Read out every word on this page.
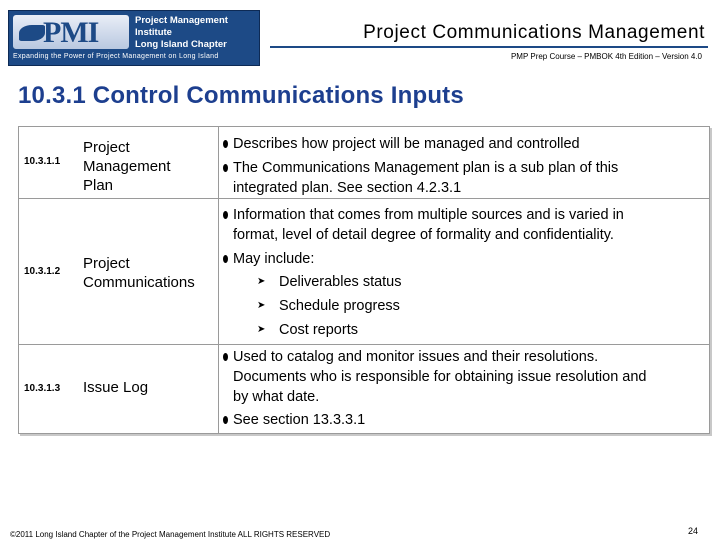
PMI	Project Management Institute
Long Island Chapter
Expanding the Power of Project Management on Long Island
Project Communications Management
PMP Prep Course – PMBOK 4th Edition – Version 4.0
10.3.1 Control Communications Inputs
10.3.1.1
Project
Management
Plan
Describes how project will be managed and controlled
The Communications Management plan is a sub plan of this
integrated plan. See section 4.2.3.1
10.3.1.2 Project
Communications
Information that comes from multiple sources and is varied in
format, level of detail degree of formality and confidentiality.
May include:
➤ Deliverables status
➤ Schedule progress
➤ Cost reports
10.3.1.3 Issue Log
Used to catalog and monitor issues and their resolutions.
Documents who is responsible for obtaining issue resolution and
by what date.
See section 13.3.3.1
©2011 Long Island Chapter of the Project Management Institute ALL RIGHTS RESERVED	24
